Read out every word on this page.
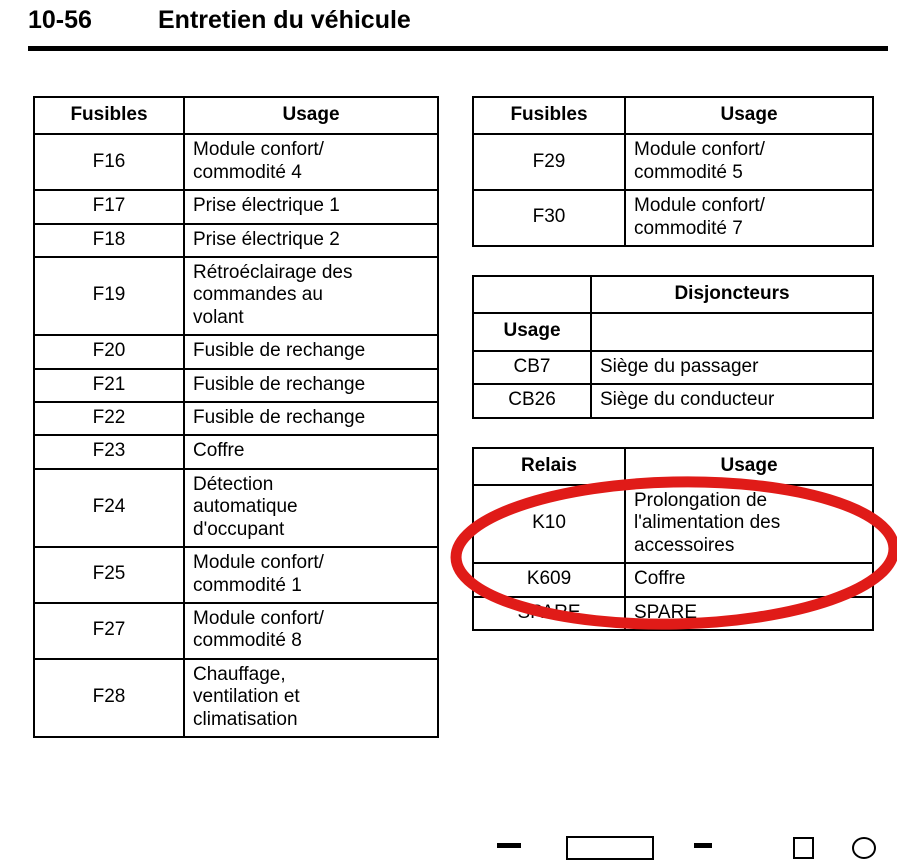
10-56	Entretien du véhicule
Fusibles	Usage
F16	Module confort/
commodité 4
F17	Prise électrique 1
F18	Prise électrique 2
F19	Rétroéclairage des
commandes au
volant
F20	Fusible de rechange
F21	Fusible de rechange
F22	Fusible de rechange
F23	Coffre
F24	Détection
automatique
d'occupant
F25	Module confort/
commodité 1
F27	Module confort/
commodité 8
F28	Chauffage,
ventilation et
climatisation
Fusibles	Usage
F29	Module confort/
commodité 5
F30	Module confort/
commodité 7
	Disjoncteurs
Usage	
CB7	Siège du passager
CB26	Siège du conducteur
Relais	Usage
K10	Prolongation de
l'alimentation des
accessoires
K609	Coffre
SPARE	SPARE
